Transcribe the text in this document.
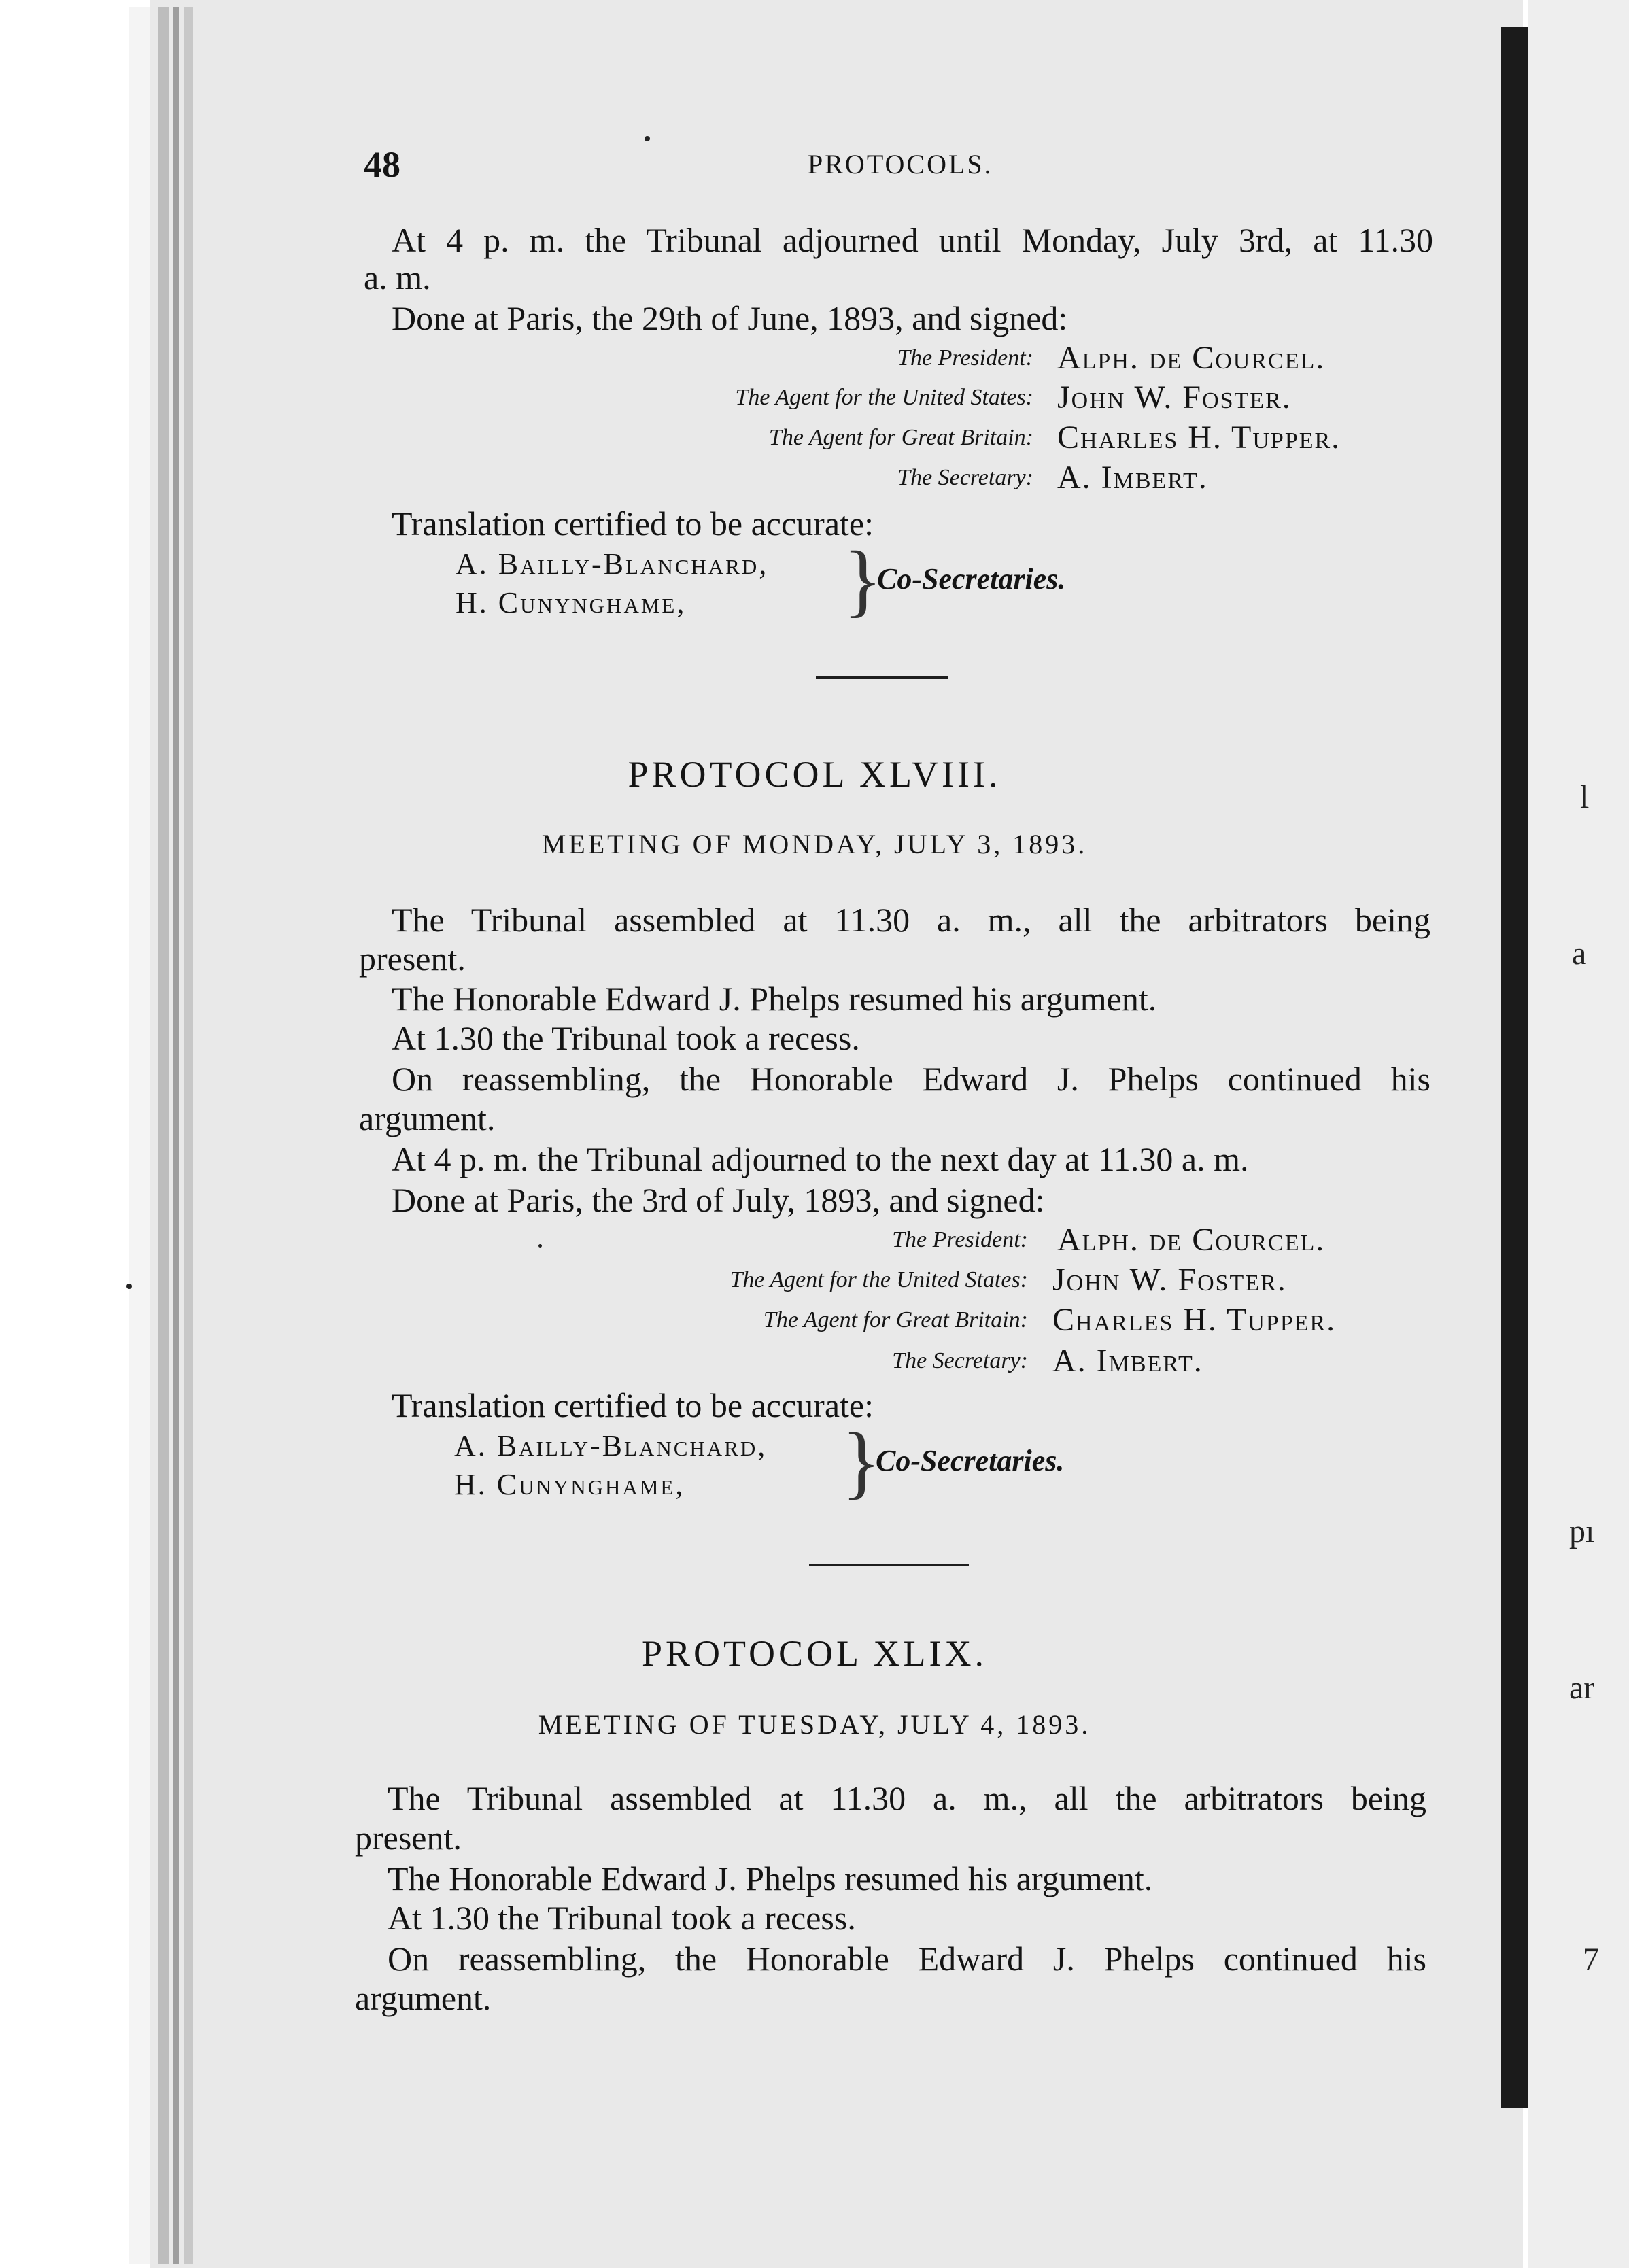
l
a
pı
ar
7
48	PROTOCOLS.
At 4 p. m. the Tribunal adjourned until Monday, July 3rd, at 11.30
a. m.
Done at Paris, the 29th of June, 1893, and signed:
The President: Alph. de Courcel.
The Agent for the United States: John W. Foster.
The Agent for Great Britain: Charles H. Tupper.
The Secretary: A. Imbert.
Translation certified to be accurate:
A. Bailly-Blanchard,
H. Cunynghame, }
Co-Secretaries.
PROTOCOL XLVIII.
MEETING OF MONDAY, JULY 3, 1893.
The Tribunal assembled at 11.30 a. m., all the arbitrators being
present.
The Honorable Edward J. Phelps resumed his argument.
At 1.30 the Tribunal took a recess.
On reassembling, the Honorable Edward J. Phelps continued his
argument.
At 4 p. m. the Tribunal adjourned to the next day at 11.30 a. m.
Done at Paris, the 3rd of July, 1893, and signed:
The President: Alph. de Courcel.
The Agent for the United States: John W. Foster.
The Agent for Great Britain: Charles H. Tupper.
The Secretary: A. Imbert.
Translation certified to be accurate:
A. Bailly-Blanchard,
H. Cunynghame, }
Co-Secretaries.
PROTOCOL XLIX.
MEETING OF TUESDAY, JULY 4, 1893.
The Tribunal assembled at 11.30 a. m., all the arbitrators being
present.
The Honorable Edward J. Phelps resumed his argument.
At 1.30 the Tribunal took a recess.
On reassembling, the Honorable Edward J. Phelps continued his
argument.
